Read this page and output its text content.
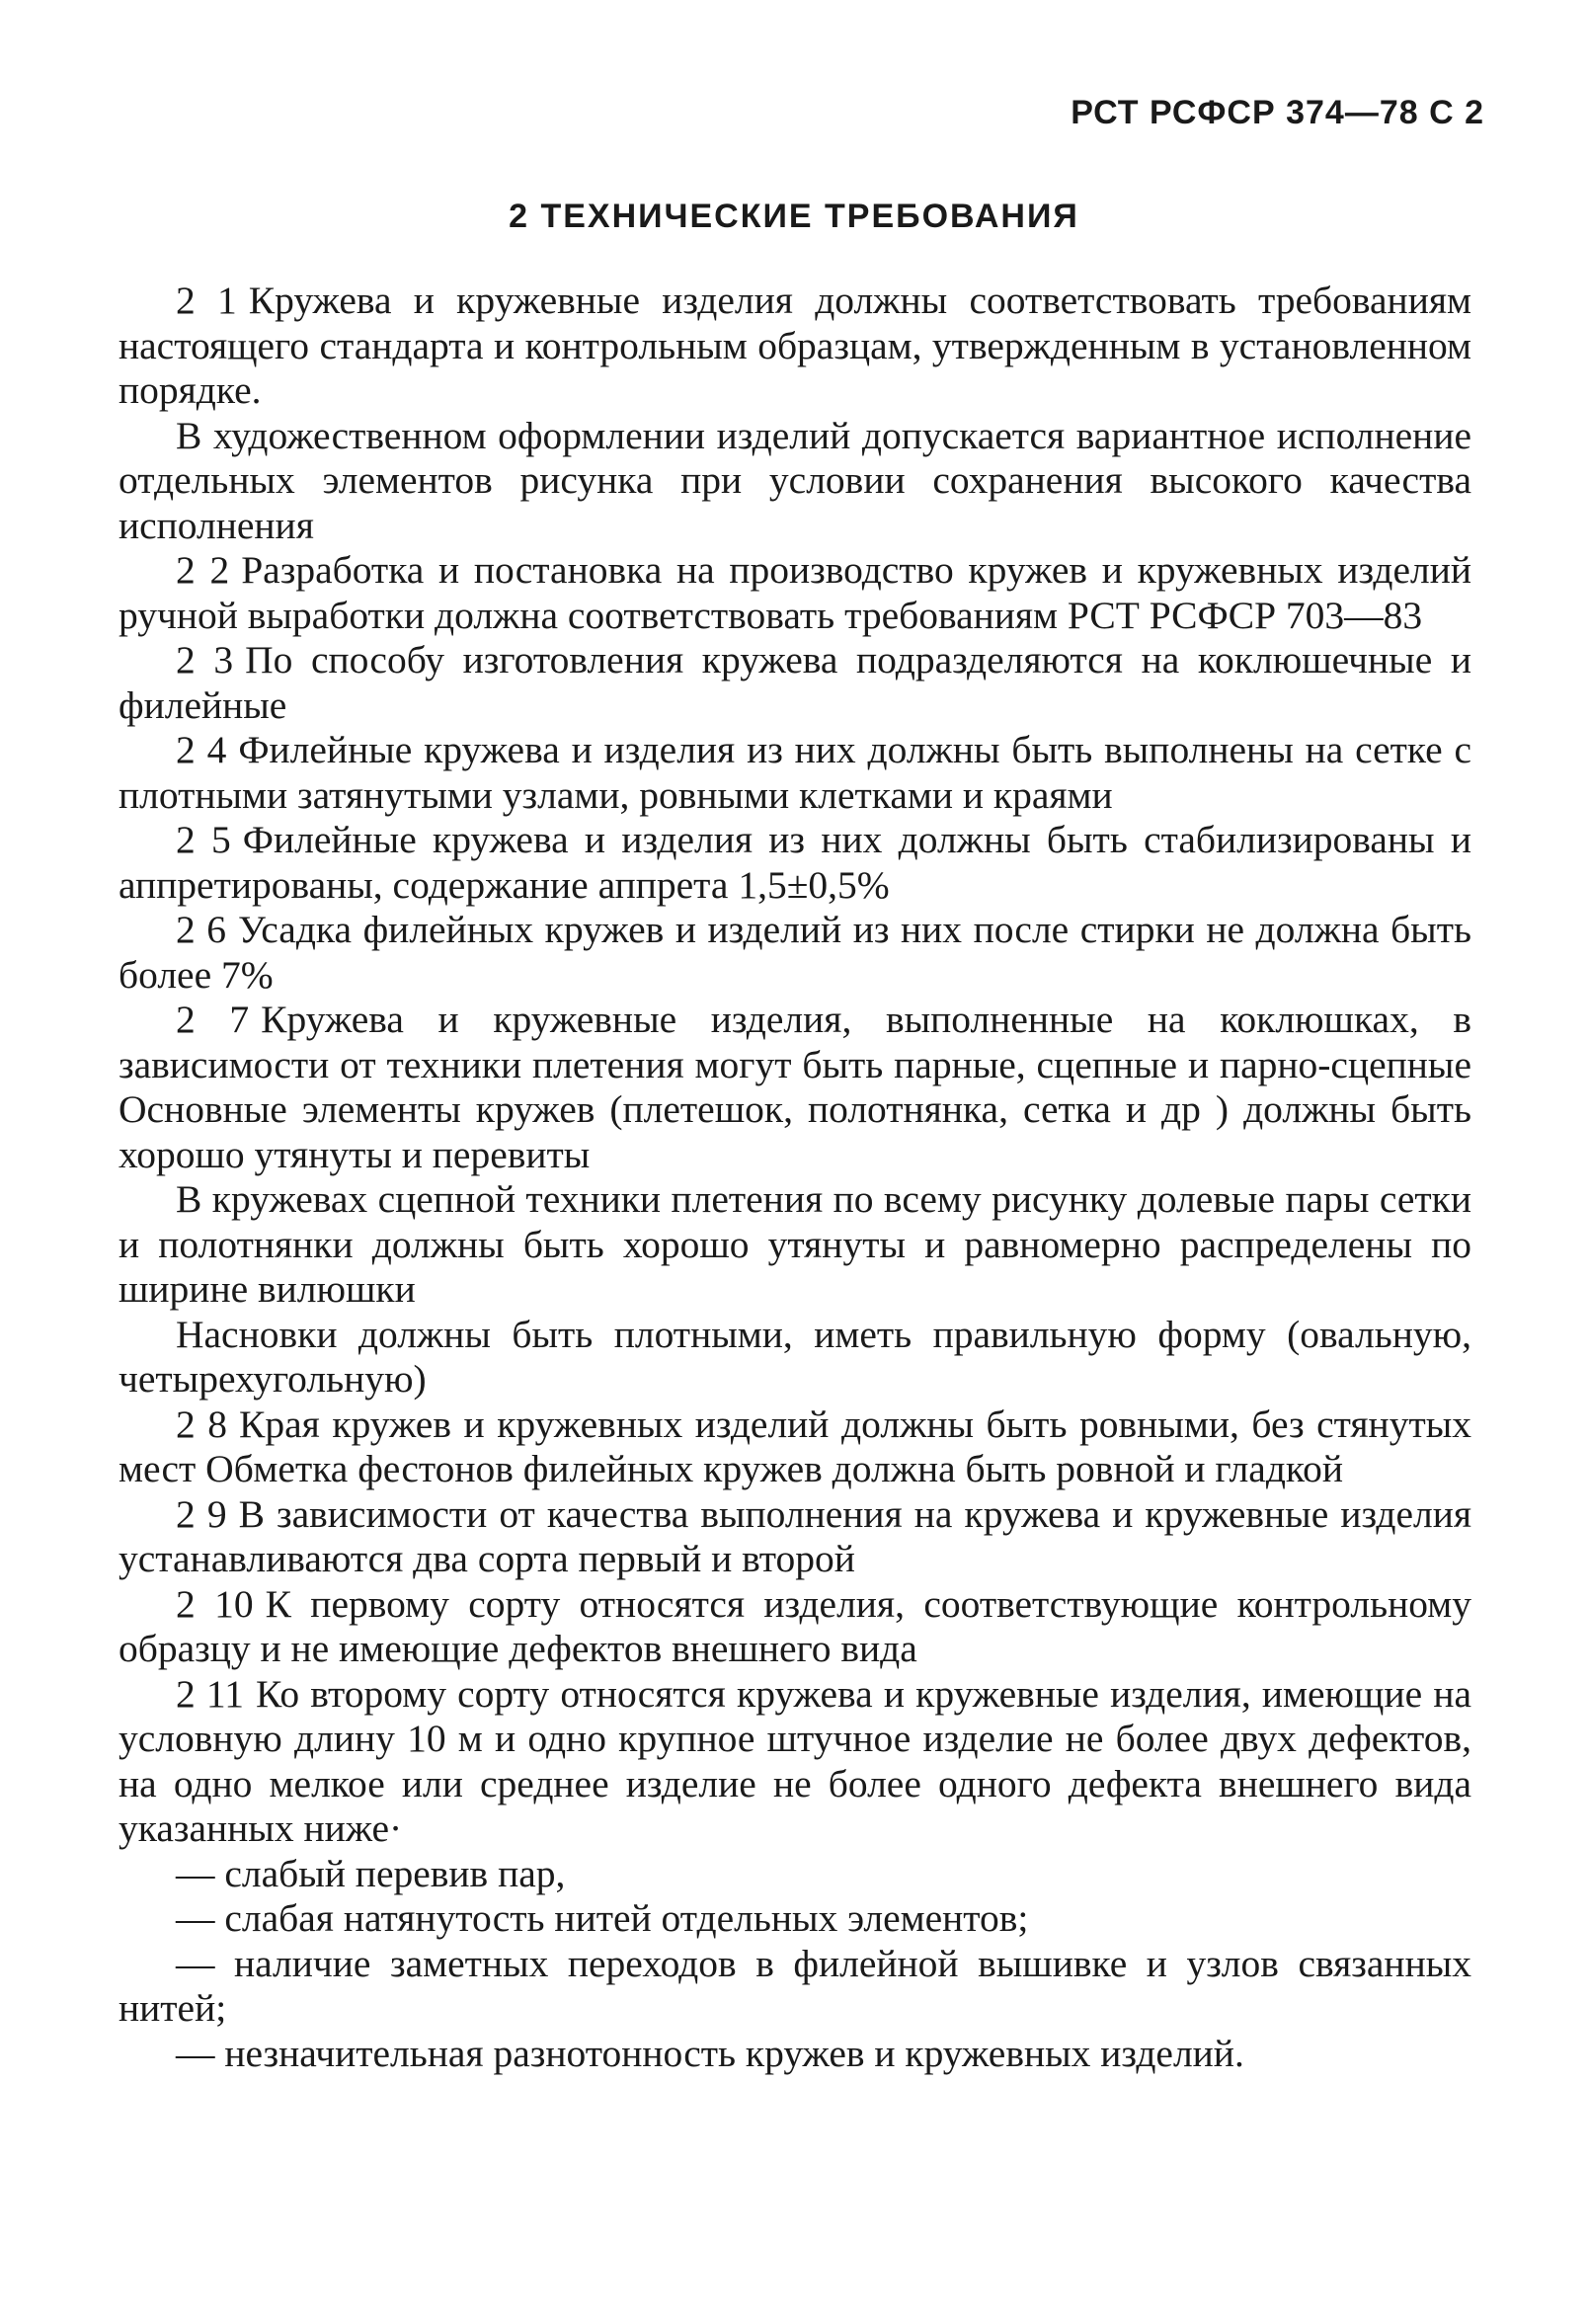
РСТ РСФСР 374—78 С 2
2 ТЕХНИЧЕСКИЕ ТРЕБОВАНИЯ

2 1 Кружева и кружевные изделия должны соответствовать требованиям настоящего стандарта и контрольным образцам, утвержденным в установленном порядке.

В художественном оформлении изделий допускается вариантное исполнение отдельных элементов рисунка при условии сохранения высокого качества исполнения

2 2 Разработка и постановка на производство кружев и кружевных изделий ручной выработки должна соответствовать требованиям РСТ РСФСР 703—83

2 3 По способу изготовления кружева подразделяются на коклюшечные и филейные

2 4 Филейные кружева и изделия из них должны быть выполнены на сетке с плотными затянутыми узлами, ровными клетками и краями

2 5 Филейные кружева и изделия из них должны быть стабилизированы и аппретированы, содержание аппрета 1,5±0,5%

2 6 Усадка филейных кружев и изделий из них после стирки не должна быть более 7%

2 7 Кружева и кружевные изделия, выполненные на коклюшках, в зависимости от техники плетения могут быть парные, сцепные и парно-сцепные Основные элементы кружев (плетешок, полотнянка, сетка и др ) должны быть хорошо утянуты и перевиты

В кружевах сцепной техники плетения по всему рисунку долевые пары сетки и полотнянки должны быть хорошо утянуты и равномерно распределены по ширине вилюшки

Насновки должны быть плотными, иметь правильную форму (овальную, четырехугольную)

2 8 Края кружев и кружевных изделий должны быть ровными, без стянутых мест Обметка фестонов филейных кружев должна быть ровной и гладкой

2 9 В зависимости от качества выполнения на кружева и кружевные изделия устанавливаются два сорта первый и второй

2 10 К первому сорту относятся изделия, соответствующие контрольному образцу и не имеющие дефектов внешнего вида

2 11 Ко второму сорту относятся кружева и кружевные изделия, имеющие на условную длину 10 м и одно крупное штучное изделие не более двух дефектов, на одно мелкое или среднее изделие не более одного дефекта внешнего вида указанных ниже·

— слабый перевив пар,

— слабая натянутость нитей отдельных элементов;

— наличие заметных переходов в филейной вышивке и узлов связанных нитей;

— незначительная разнотонность кружев и кружевных изделий.
